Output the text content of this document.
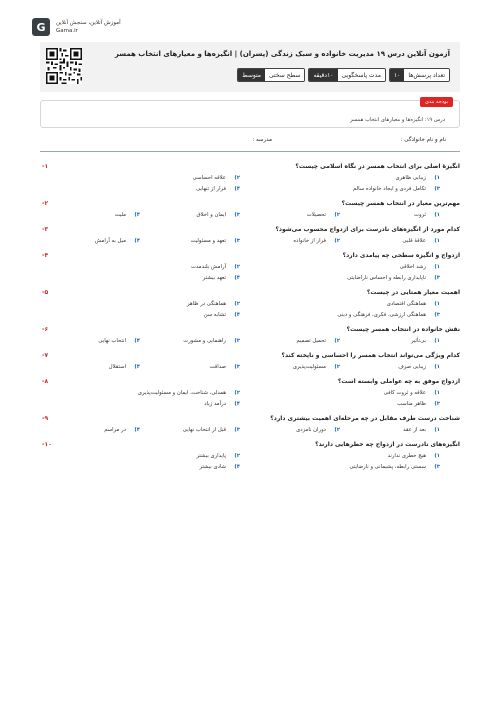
G	آموزش آنلاین، سنجش آنلاین
Gama.ir
آزمون آنلاین درس ۱۹ مدیریت خانواده و سبک زندگی (پسران) | انگیزه‌ها و معیارهای انتخاب همسر
تعداد پرسش‌ها
۱۰
مدت پاسخگویی
۱۰دقیقه
سطح سختی
متوسط
بودجه بندی
درس ۱۹: انگیزه‌ها و معیارهای انتخاب همسر
نام و نام خانوادگی :
مدرسه :
انگیزهٔ اصلی برای انتخاب همسر در نگاه اسلامی چیست؟
۱-
۱)
زیبایی ظاهری
۲)
علاقه احساسی
۳)
تکامل فردی و ایجاد خانواده سالم
۴)
فرار از تنهایی
مهم‌ترین معیار در انتخاب همسر چیست؟
۲-
۱)
ثروت
۲)
تحصیلات
۳)
ایمان و اخلاق
۴)
ملیت
کدام مورد از انگیزه‌های نادرست برای ازدواج محسوب می‌شود؟
۳-
۱)
علاقهٔ قلبی
۲)
فرار از خانواده
۳)
تعهد و مسئولیت
۴)
میل به آرامش
ازدواج و انگیزه‌ سطحی چه پیامدی دارد؟
۴-
۱)
رشد اخلاقی
۲)
آرامش بلندمدت
۳)
ناپایداری رابطه و احساس ناراضایتی
۴)
تعهد بیشتر
اهمیت معیار همتایی در چیست؟
۵-
۱)
هماهنگی اقتصادی
۲)
هماهنگی در ظاهر
۳)
هماهنگی ارزشی، فکری، فرهنگی و دینی
۴)
تشابه سن
نقش خانواده در انتخاب همسر چیست؟
۶-
۱)
بی‌تأثیر
۲)
تحمیل تصمیم
۳)
راهنمایی و مشورت
۴)
انتخاب نهایی
کدام ویژگی می‌تواند انتخاب همسر را احساسی و ناپخته کند؟
۷-
۱)
زیبایی صرف
۲)
مسئولیت‌پذیری
۳)
صداقت
۴)
استقلال
ازدواج موفق به چه عواملی وابسته است؟
۸-
۱)
علاقه و ثروت کافی
۲)
همدلی، شناخت، ایمان و مسئولیت‌پذیری
۳)
ظاهر مناسب
۴)
درآمد زیاد
شناخت درست طرف مقابل در چه مرحله‌ای اهمیت بیشتری دارد؟
۹-
۱)
بعد از عقد
۲)
دوران نامزدی
۳)
قبل از انتخاب نهایی
۴)
در مراسم
انگیزه‌های نادرست در ازدواج چه خطرهایی دارند؟
۱۰-
۱)
هیچ خطری ندارند
۲)
پایداری بیشتر
۳)
سستی رابطه، پشیمانی و نارضایتی
۴)
شادی بیشتر
